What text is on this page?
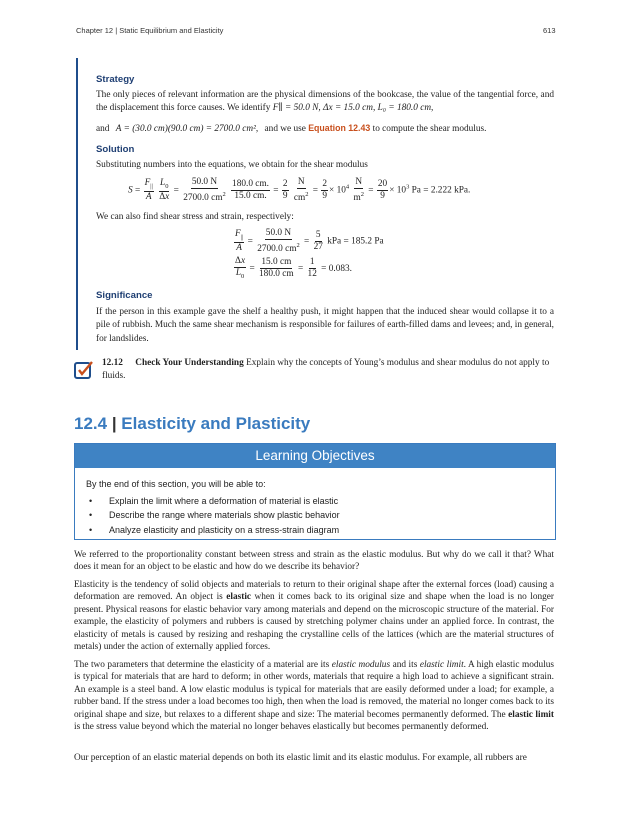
Chapter 12 | Static Equilibrium and Elasticity	613
Strategy
The only pieces of relevant information are the physical dimensions of the bookcase, the value of the tangential force, and the displacement this force causes. We identify F∥ = 50.0 N, Δx = 15.0 cm, L₀ = 180.0 cm,
and A = (30.0 cm)(90.0 cm) = 2700.0 cm², and we use Equation 12.43 to compute the shear modulus.
Solution
Substituting numbers into the equations, we obtain for the shear modulus
$S = \frac{F_{||}}{A}$
$\frac{L_0}{\Delta x} = \frac{50.0 N}{2700.0 cm^2}$
$\frac{180.0 cm.}{15.0 cm.} = \frac{2}{9}$
$\frac{N}{cm^2} = \frac{2}{9} \times 10^4 \frac{N}{m^2} = \frac{20}{9} \times 10^3$ Pa = 2.222 kPa.
We can also find shear stress and strain, respectively:
$\frac{F_{||}}{A} = \frac{50.0 N}{2700.0 cm^2} = \frac{5}{27}$ kPa = 185.2 Pa
$\frac{\Delta x}{L_0} = \frac{15.0 cm}{180.0 cm} = \frac{1}{12} = 0.083$.
Significance
If the person in this example gave the shelf a healthy push, it might happen that the induced shear would collapse it to a pile of rubbish. Much the same shear mechanism is responsible for failures of earth-filled dams and levees; and, in general, for landslides.
12.12 Check Your Understanding Explain why the concepts of Young’s modulus and shear modulus do not apply to fluids.
12.4 | Elasticity and Plasticity
Learning Objectives
By the end of this section, you will be able to:
• Explain the limit where a deformation of material is elastic
• Describe the range where materials show plastic behavior
• Analyze elasticity and plasticity on a stress-strain diagram
We referred to the proportionality constant between stress and strain as the elastic modulus. But why do we call it that? What does it mean for an object to be elastic and how do we describe its behavior?
Elasticity is the tendency of solid objects and materials to return to their original shape after the external forces (load) causing a deformation are removed. An object is elastic when it comes back to its original size and shape when the load is no longer present. Physical reasons for elastic behavior vary among materials and depend on the microscopic structure of the material. For example, the elasticity of polymers and rubbers is caused by stretching polymer chains under an applied force. In contrast, the elasticity of metals is caused by resizing and reshaping the crystalline cells of the lattices (which are the material structures of metals) under the action of externally applied forces.
The two parameters that determine the elasticity of a material are its elastic modulus and its elastic limit. A high elastic modulus is typical for materials that are hard to deform; in other words, materials that require a high load to achieve a significant strain. An example is a steel band. A low elastic modulus is typical for materials that are easily deformed under a load; for example, a rubber band. If the stress under a load becomes too high, then when the load is removed, the material no longer comes back to its original shape and size, but relaxes to a different shape and size: The material becomes permanently deformed. The elastic limit is the stress value beyond which the material no longer behaves elastically but becomes permanently deformed.
Our perception of an elastic material depends on both its elastic limit and its elastic modulus. For example, all rubbers are
